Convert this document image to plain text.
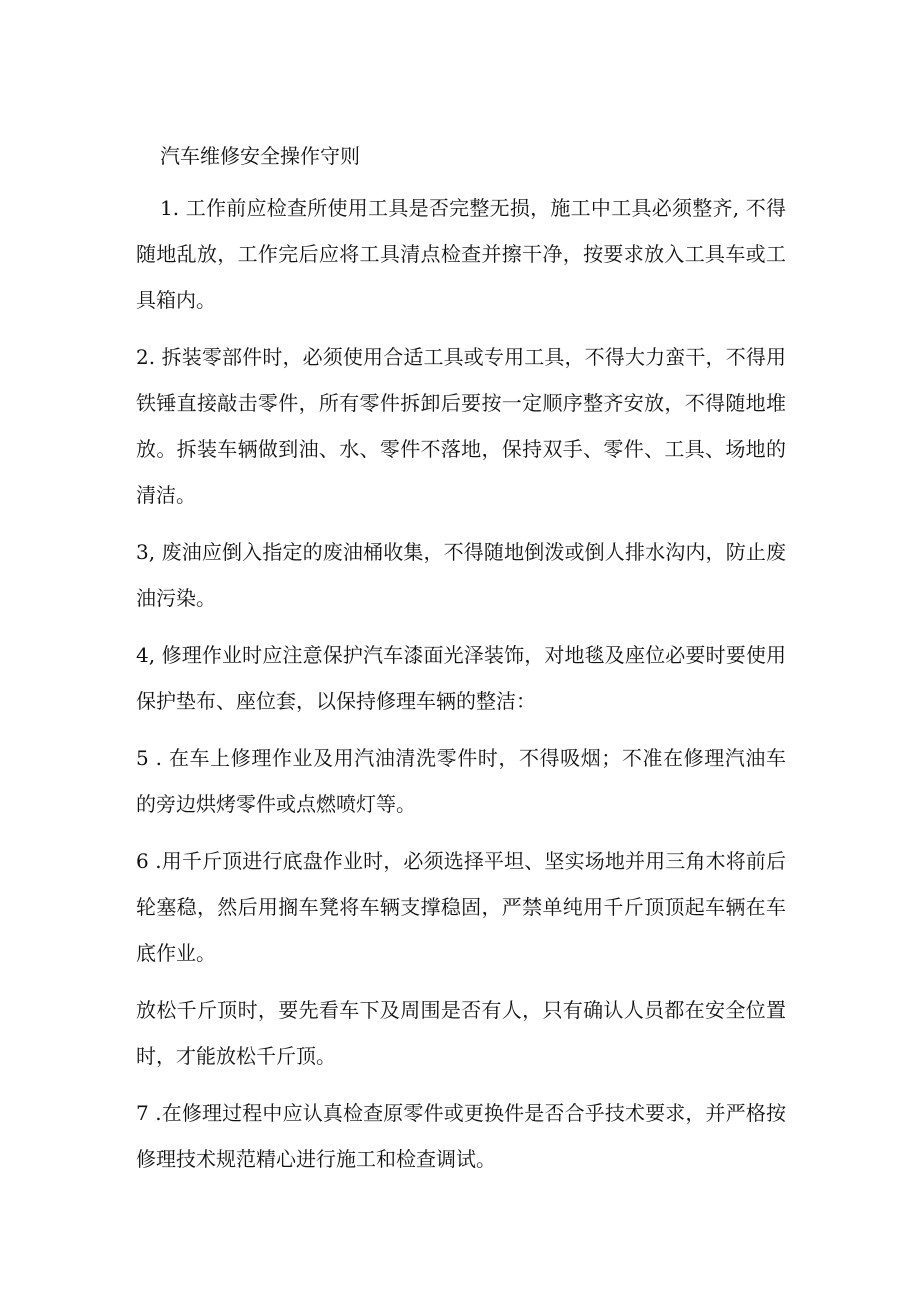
汽车维修安全操作守则

1. 工作前应检查所使用工具是否完整无损，施工中工具必须整齐, 不得随地乱放，工作完后应将工具清点检查并擦干净，按要求放入工具车或工具箱内。

2. 拆装零部件时，必须使用合适工具或专用工具，不得大力蛮干，不得用铁锤直接敲击零件，所有零件拆卸后要按一定顺序整齐安放，不得随地堆放。拆装车辆做到油、水、零件不落地，保持双手、零件、工具、场地的清洁。

3, 废油应倒入指定的废油桶收集，不得随地倒泼或倒人排水沟内，防止废油污染。

4, 修理作业时应注意保护汽车漆面光泽装饰，对地毯及座位必要时要使用保护垫布、座位套，以保持修理车辆的整洁：

5 . 在车上修理作业及用汽油清洗零件时，不得吸烟；不准在修理汽油车的旁边烘烤零件或点燃喷灯等。

6 .用千斤顶进行底盘作业时，必须选择平坦、坚实场地并用三角木将前后轮塞稳，然后用搁车凳将车辆支撑稳固，严禁单纯用千斤顶顶起车辆在车底作业。

放松千斤顶时，要先看车下及周围是否有人，只有确认人员都在安全位置时，才能放松千斤顶。

7 .在修理过程中应认真检查原零件或更换件是否合乎技术要求，并严格按修理技术规范精心进行施工和检查调试。
